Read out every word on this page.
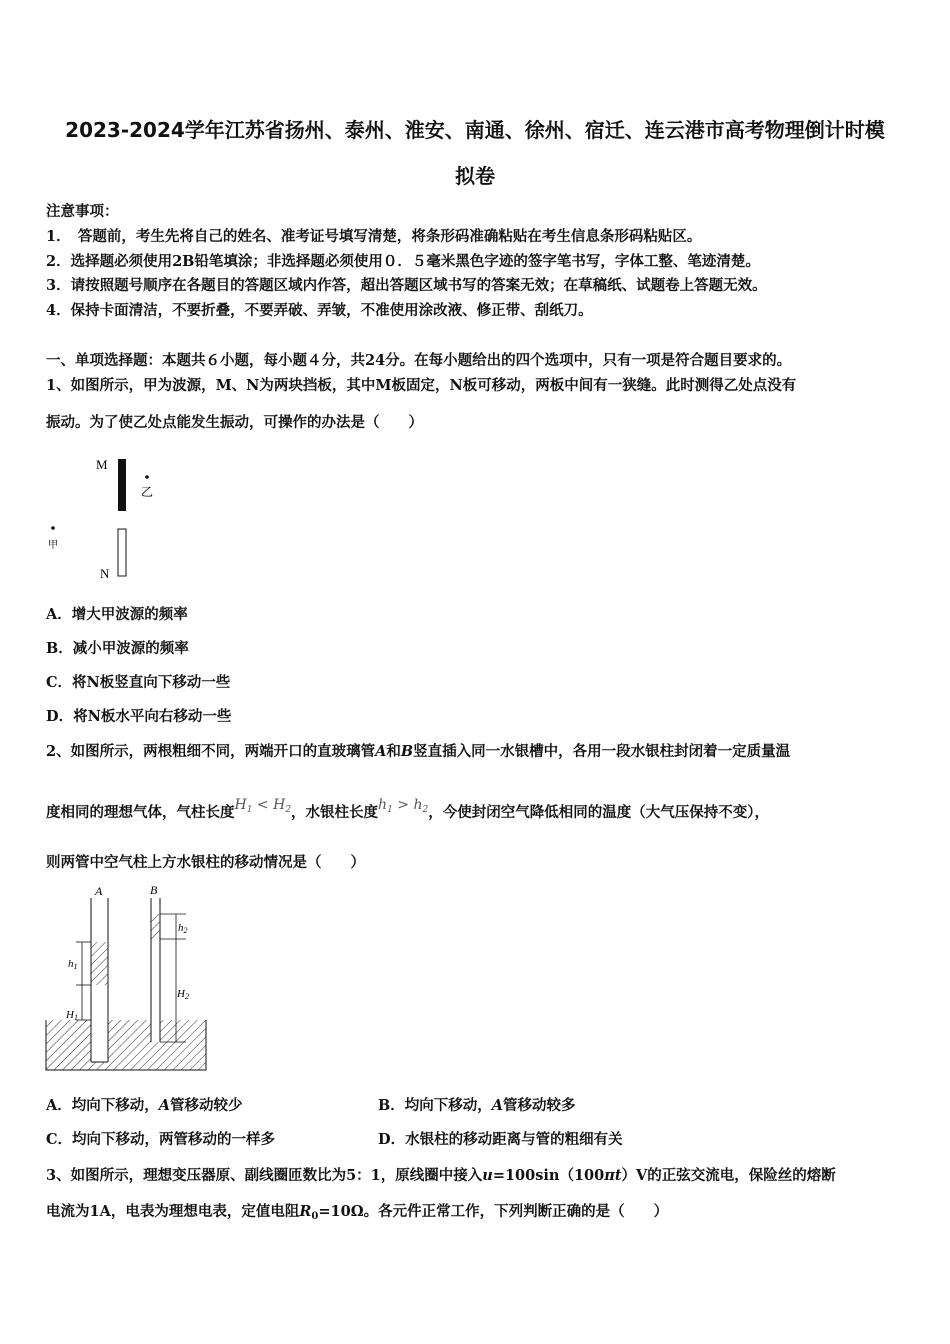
2023-2024学年江苏省扬州、泰州、淮安、南通、徐州、宿迁、连云港市高考物理倒计时模
拟卷
注意事项：
1．　答题前，考生先将自己的姓名、准考证号填写清楚，将条形码准确粘贴在考生信息条形码粘贴区。
2．选择题必须使用2B铅笔填涂；非选择题必须使用０．５毫米黑色字迹的签字笔书写，字体工整、笔迹清楚。
3．请按照题号顺序在各题目的答题区域内作答，超出答题区域书写的答案无效；在草稿纸、试题卷上答题无效。
4．保持卡面清洁，不要折叠，不要弄破、弄皱，不准使用涂改液、修正带、刮纸刀。
一、单项选择题：本题共６小题，每小题４分，共24分。在每小题给出的四个选项中，只有一项是符合题目要求的。
1、如图所示，甲为波源，M、N为两块挡板，其中M板固定，N板可移动，两板中间有一狭缝。此时测得乙处点没有
振动。为了使乙处点能发生振动，可操作的办法是（　　）
M
乙
甲
N
A．增大甲波源的频率
B．减小甲波源的频率
C．将N板竖直向下移动一些
D．将N板水平向右移动一些
2、如图所示，两根粗细不同，两端开口的直玻璃管A和B竖直插入同一水银槽中，各用一段水银柱封闭着一定质量温
度相同的理想气体，气柱长度$H_1 < H_2$，水银柱长度$h_1 > h_2$，今使封闭空气降低相同的温度（大气压保持不变），
则两管中空气柱上方水银柱的移动情况是（　　）
A	B
h1
H1
h2
H2
A．均向下移动，A管移动较少	B．均向下移动，A管移动较多
C．均向下移动，两管移动的一样多	D．水银柱的移动距离与管的粗细有关
3、如图所示，理想变压器原、副线圈匝数比为5：1，原线圈中接入u=100sin（100πt）V的正弦交流电，保险丝的熔断
电流为1A，电表为理想电表，定值电阻$R_0=10\Omega$。各元件正常工作，下列判断正确的是（　　）
